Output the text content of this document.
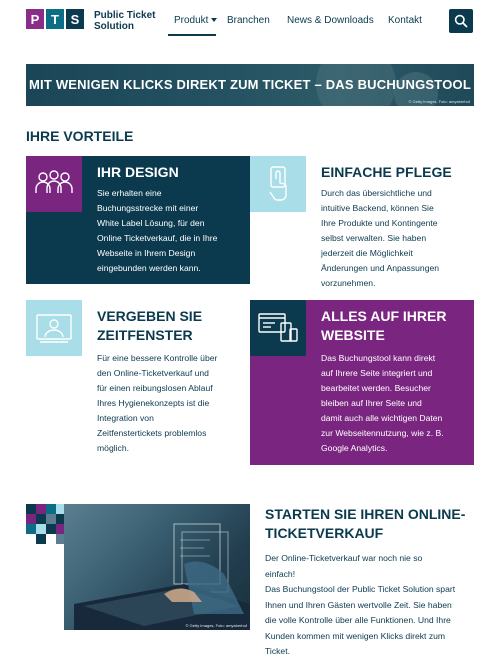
P T S	Public Ticket
Solution
Produkt	Branchen News & Downloads Kontakt
MIT WENIGEN KLICKS DIREKT ZUM TICKET – DAS BUCHUNGSTOOL
© Getty Images, Foto: amyaberhuf
IHRE VORTEILE
IHR DESIGN
Sie erhalten eine
Buchungsstrecke mit einer
White Label Lösung, für den
Online Ticketverkauf, die in Ihre
Webseite in Ihrem Design
eingebunden werden kann.
EINFACHE PFLEGE
Durch das übersichtliche und
intuitive Backend, können Sie
Ihre Produkte und Kontingente
selbst verwalten. Sie haben
jederzeit die Möglichkeit
Änderungen und Anpassungen
vorzunehmen.
VERGEBEN SIE
ZEITFENSTER
Für eine bessere Kontrolle über
den Online-Ticketverkauf und
für einen reibungslosen Ablauf
Ihres Hygienekonzepts ist die
Integration von
Zeitfenstertickets problemlos
möglich.
ALLES AUF IHRER
WEBSITE
Das Buchungstool kann direkt
auf Ihrere Seite integriert und
bearbeitet werden. Besucher
bleiben auf Ihrer Seite und
damit auch alle wichtigen Daten
zur Webseitennutzung, wie z. B.
Google Analytics.
© Getty Images, Foto: amyaberhuf
STARTEN SIE IHREN ONLINE-
TICKETVERKAUF
Der Online-Ticketverkauf war noch nie so
einfach!
Das Buchungstool der Public Ticket Solution spart
Ihnen und Ihren Gästen wertvolle Zeit. Sie haben
die volle Kontrolle über alle Funktionen. Und Ihre
Kunden kommen mit wenigen Klicks direkt zum
Ticket.
